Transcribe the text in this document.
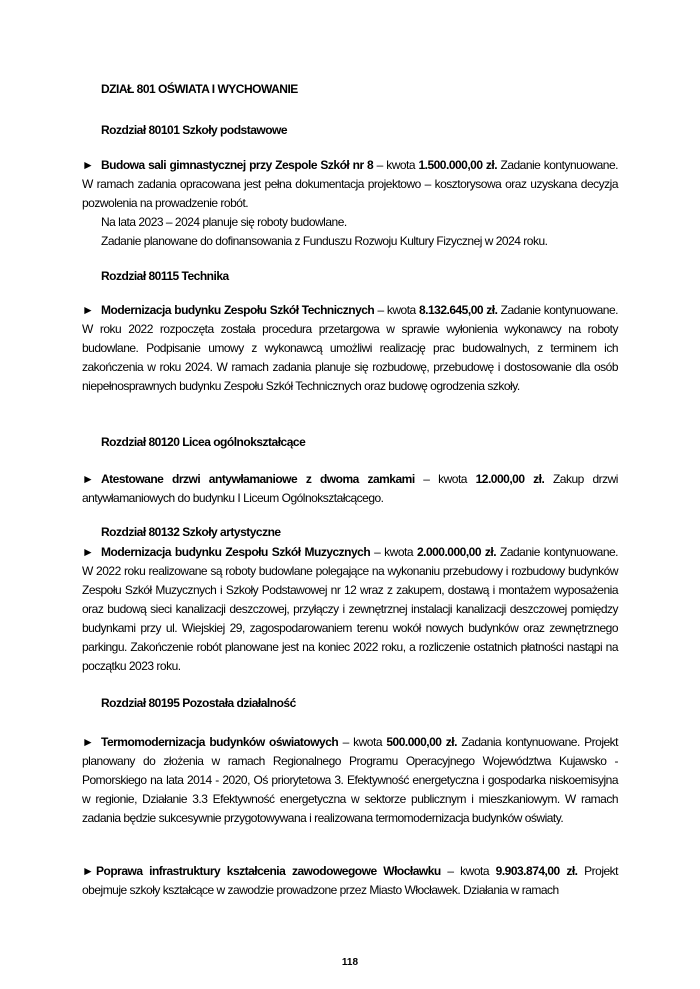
DZIAŁ 801 OŚWIATA I WYCHOWANIE
Rozdział 80101 Szkoły podstawowe
► Budowa sali gimnastycznej przy Zespole Szkół nr 8 – kwota 1.500.000,00 zł. Zadanie kontynuowane. W ramach zadania opracowana jest pełna dokumentacja projektowo – kosztorysowa oraz uzyskana decyzja pozwolenia na prowadzenie robót.
Na lata 2023 – 2024 planuje się roboty budowlane.
Zadanie planowane do dofinansowania z Funduszu Rozwoju Kultury Fizycznej w 2024 roku.
Rozdział 80115 Technika
► Modernizacja budynku Zespołu Szkół Technicznych – kwota 8.132.645,00 zł. Zadanie kontynuowane. W roku 2022 rozpoczęta została procedura przetargowa w sprawie wyłonienia wykonawcy na roboty budowlane. Podpisanie umowy z wykonawcą umożliwi realizację prac budowalnych, z terminem ich zakończenia w roku 2024. W ramach zadania planuje się rozbudowę, przebudowę i dostosowanie dla osób niepełnosprawnych budynku Zespołu Szkół Technicznych oraz budowę ogrodzenia szkoły.
Rozdział 80120 Licea ogólnokształcące
► Atestowane drzwi antywłamaniowe z dwoma zamkami – kwota 12.000,00 zł. Zakup drzwi antywłamaniowych do budynku I Liceum Ogólnokształcącego.
Rozdział 80132 Szkoły artystyczne
► Modernizacja budynku Zespołu Szkół Muzycznych – kwota 2.000.000,00 zł. Zadanie kontynuowane. W 2022 roku realizowane są roboty budowlane polegające na wykonaniu przebudowy i rozbudowy budynków Zespołu Szkół Muzycznych i Szkoły Podstawowej nr 12 wraz z zakupem, dostawą i montażem wyposażenia oraz budową sieci kanalizacji deszczowej, przyłączy i zewnętrznej instalacji kanalizacji deszczowej pomiędzy budynkami przy ul. Wiejskiej 29, zagospodarowaniem terenu wokół nowych budynków oraz zewnętrznego parkingu. Zakończenie robót planowane jest na koniec 2022 roku, a rozliczenie ostatnich płatności nastąpi na początku 2023 roku.
Rozdział 80195 Pozostała działalność
► Termomodernizacja budynków oświatowych – kwota 500.000,00 zł. Zadania kontynuowane. Projekt planowany do złożenia w ramach Regionalnego Programu Operacyjnego Województwa Kujawsko - Pomorskiego na lata 2014 - 2020, Oś priorytetowa 3. Efektywność energetyczna i gospodarka niskoemisyjna w regionie, Działanie 3.3 Efektywność energetyczna w sektorze publicznym i mieszkaniowym. W ramach zadania będzie sukcesywnie przygotowywana i realizowana termomodernizacja budynków oświaty.
► Poprawa infrastruktury kształcenia zawodowegowe Włocławku – kwota 9.903.874,00 zł. Projekt obejmuje szkoły kształcące w zawodzie prowadzone przez Miasto Włocławek. Działania w ramach
118
